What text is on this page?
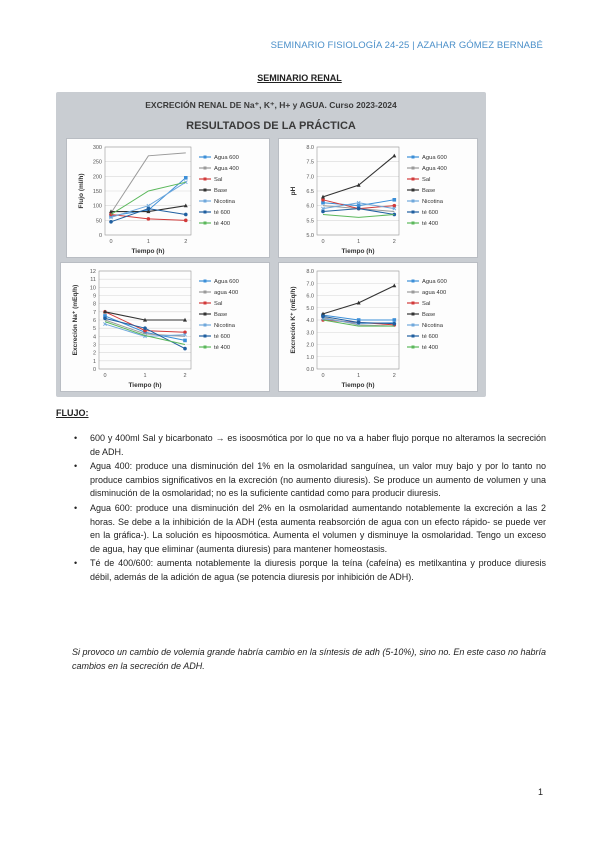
SEMINARIO FISIOLOGÍA 24-25 | AZAHAR GÓMEZ BERNABÉ
SEMINARIO RENAL
EXCRECIÓN RENAL DE Na⁺, K⁺, H+ y AGUA. Curso 2023-2024
RESULTADOS DE LA PRÁCTICA
0
50
100
150
200
250
300
0	1	2
Tiempo (h)
Flujo (ml/h)
Agua 600
Agua 400
Sal
Base
Nicotina
té 600
té 400
5.0
5.5
6.0
6.5
7.0
7.5
8.0
0	1	2
Tiempo (h)
pH
Agua 600
Agua 400
Sal
Base
Nicotina
té 600
té 400
0
1
2
3
4
5
6
7
8
9
10
11
12
0	1	2
Tiempo (h)
Excreción Na⁺ (mEq/h)
Agua 600
agua 400
Sal
Base
Nicotina
té 600
té 400
0.0
1.0
2.0
3.0
4.0
5.0
6.0
7.0
8.0
0	1	2
Tiempo (h)
Excreción K⁺ (mEq/h)
Agua 600
agua 400
Sal
Base
Nicotina
té 600
té 400
FLUJO:
• 600 y 400ml Sal y bicarbonato → es isoosmótica por lo que no va a haber flujo porque no alteramos la secreción de ADH.
• Agua 400: produce una disminución del 1% en la osmolaridad sanguínea, un valor muy bajo y por lo tanto no produce cambios significativos en la excreción (no aumento diuresis). Se produce un aumento de volumen y una disminución de la osmolaridad; no es la suficiente cantidad como para producir diuresis.
• Agua 600: produce una disminución del 2% en la osmolaridad aumentando notablemente la excreción a las 2 horas. Se debe a la inhibición de la ADH (esta aumenta reabsorción de agua con un efecto rápido- se puede ver en la gráfica-). La solución es hipoosmótica. Aumenta el volumen y disminuye la osmolaridad. Tengo un exceso de agua, hay que eliminar (aumenta diuresis) para mantener homeostasis.
• Té de 400/600: aumenta notablemente la diuresis porque la teína (cafeína) es metilxantina y produce diuresis débil, además de la adición de agua (se potencia diuresis por inhibición de ADH).
Si provoco un cambio de volemia grande habría cambio en la síntesis de adh (5-10%), sino no. En este caso no habría cambios en la secreción de ADH.
1
